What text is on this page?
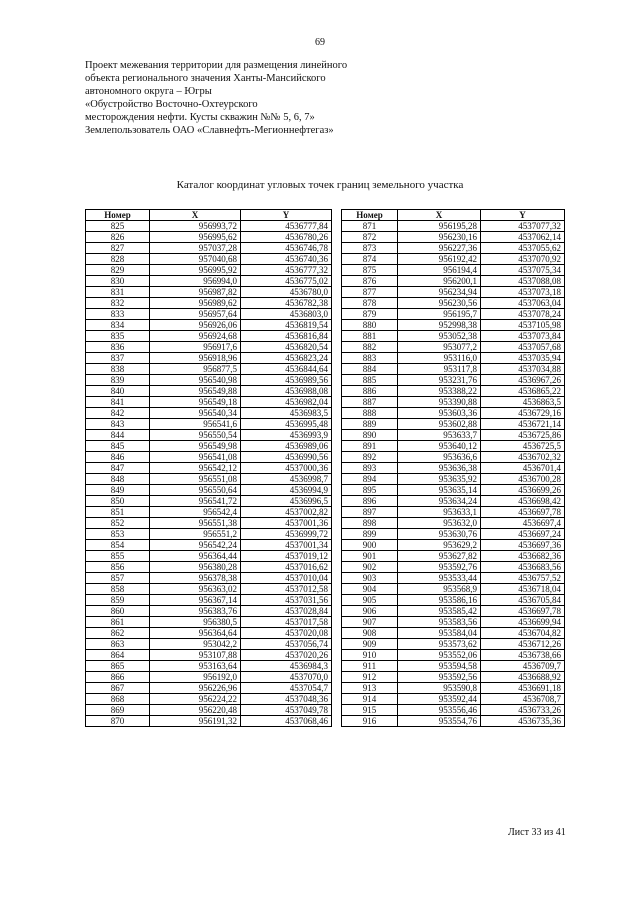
69
Проект межевания территории для размещения линейного
объекта регионального значения Ханты-Мансийского
автономного округа – Югры
«Обустройство Восточно-Охтеурского
месторождения нефти. Кусты скважин №№ 5, 6, 7»
Землепользователь ОАО «Славнефть-Мегионнефтегаз»
Каталог координат угловых точек границ земельного участка
Номер	X	Y
825	956993,72	4536777,84
826	956995,62	4536780,26
827	957037,28	4536746,78
828	957040,68	4536740,36
829	956995,92	4536777,32
830	956994,0	4536775,02
831	956987,82	4536780,0
832	956989,62	4536782,38
833	956957,64	4536803,0
834	956926,06	4536819,54
835	956924,68	4536816,84
836	956917,6	4536820,54
837	956918,96	4536823,24
838	956877,5	4536844,64
839	956540,98	4536989,56
840	956549,88	4536988,08
841	956549,18	4536982,04
842	956540,34	4536983,5
843	956541,6	4536995,48
844	956550,54	4536993,9
845	956549,98	4536989,06
846	956541,08	4536990,56
847	956542,12	4537000,36
848	956551,08	4536998,7
849	956550,64	4536994,9
850	956541,72	4536996,5
851	956542,4	4537002,82
852	956551,38	4537001,36
853	956551,2	4536999,72
854	956542,24	4537001,34
855	956364,44	4537019,12
856	956380,28	4537016,62
857	956378,38	4537010,04
858	956363,02	4537012,58
859	956367,14	4537031,56
860	956383,76	4537028,84
861	956380,5	4537017,58
862	956364,64	4537020,08
863	953042,2	4537056,74
864	953107,88	4537020,26
865	953163,64	4536984,3
866	956192,0	4537070,0
867	956226,96	4537054,7
868	956224,22	4537048,36
869	956220,48	4537049,78
870	956191,32	4537068,46
Номер	X	Y
871	956195,28	4537077,32
872	956230,16	4537062,14
873	956227,36	4537055,62
874	956192,42	4537070,92
875	956194,4	4537075,34
876	956200,1	4537088,08
877	956234,94	4537073,18
878	956230,56	4537063,04
879	956195,7	4537078,24
880	952998,38	4537105,98
881	953052,38	4537073,84
882	953077,2	4537057,68
883	953116,0	4537035,94
884	953117,8	4537034,88
885	953231,76	4536967,26
886	953388,22	4536865,22
887	953390,88	4536863,5
888	953603,36	4536729,16
889	953602,88	4536721,14
890	953633,7	4536725,86
891	953640,12	4536725,5
892	953636,6	4536702,32
893	953636,38	4536701,4
894	953635,92	4536700,28
895	953635,14	4536699,26
896	953634,24	4536698,42
897	953633,1	4536697,78
898	953632,0	4536697,4
899	953630,76	4536697,24
900	953629,2	4536697,36
901	953627,82	4536682,36
902	953592,76	4536683,56
903	953533,44	4536757,52
904	953568,9	4536718,04
905	953586,16	4536705,84
906	953585,42	4536697,78
907	953583,56	4536699,94
908	953584,04	4536704,82
909	953573,62	4536712,26
910	953552,06	4536738,66
911	953594,58	4536709,7
912	953592,56	4536688,92
913	953590,8	4536691,18
914	953592,44	4536708,7
915	953556,46	4536733,26
916	953554,76	4536735,36
Лист 33 из 41
